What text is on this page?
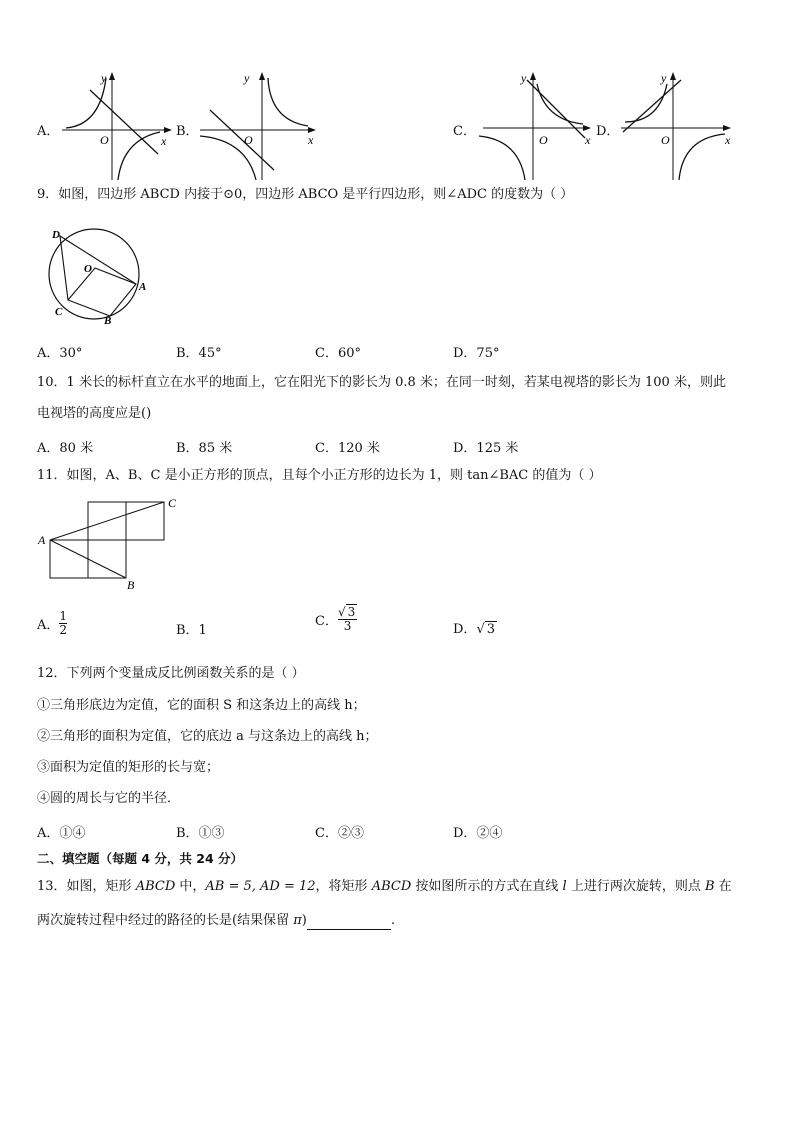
A．
O	x
y
B．
O	x
y
C．
O	x
y
D．
O	x
y
9．如图，四边形 ABCD 内接于⊙0，四边形 ABCO 是平行四边形，则∠ADC 的度数为（ ）
D
O
A
C
B
A．30°	B．45°	C．60°	D．75°
10．1 米长的标杆直立在水平的地面上，它在阳光下的影长为 0.8 米；在同一时刻，若某电视塔的影长为 100 米，则此
电视塔的高度应是()
A．80 米	B．85 米	C．120 米	D．125 米
11．如图，A、B、C 是小正方形的顶点，且每个小正方形的边长为 1，则 tan∠BAC 的值为（ ）
A
B
C
A． $\frac{1}{2}$	B．1
C． $\frac{√ 3}{3}$	D．√ 3
12．下列两个变量成反比例函数关系的是（ ）
①三角形底边为定值，它的面积 S 和这条边上的高线 h；
②三角形的面积为定值，它的底边 a 与这条边上的高线 h；
③面积为定值的矩形的长与宽；
④圆的周长与它的半径．
A．①④	B．①③	C．②③	D．②④
二、填空题（每题 4 分，共 24 分）
13．如图，矩形 ABCD 中，AB = 5, AD = 12，将矩形 ABCD 按如图所示的方式在直线 l 上进行两次旋转，则点 B 在
两次旋转过程中经过的路径的长是(结果保留 π)	.
